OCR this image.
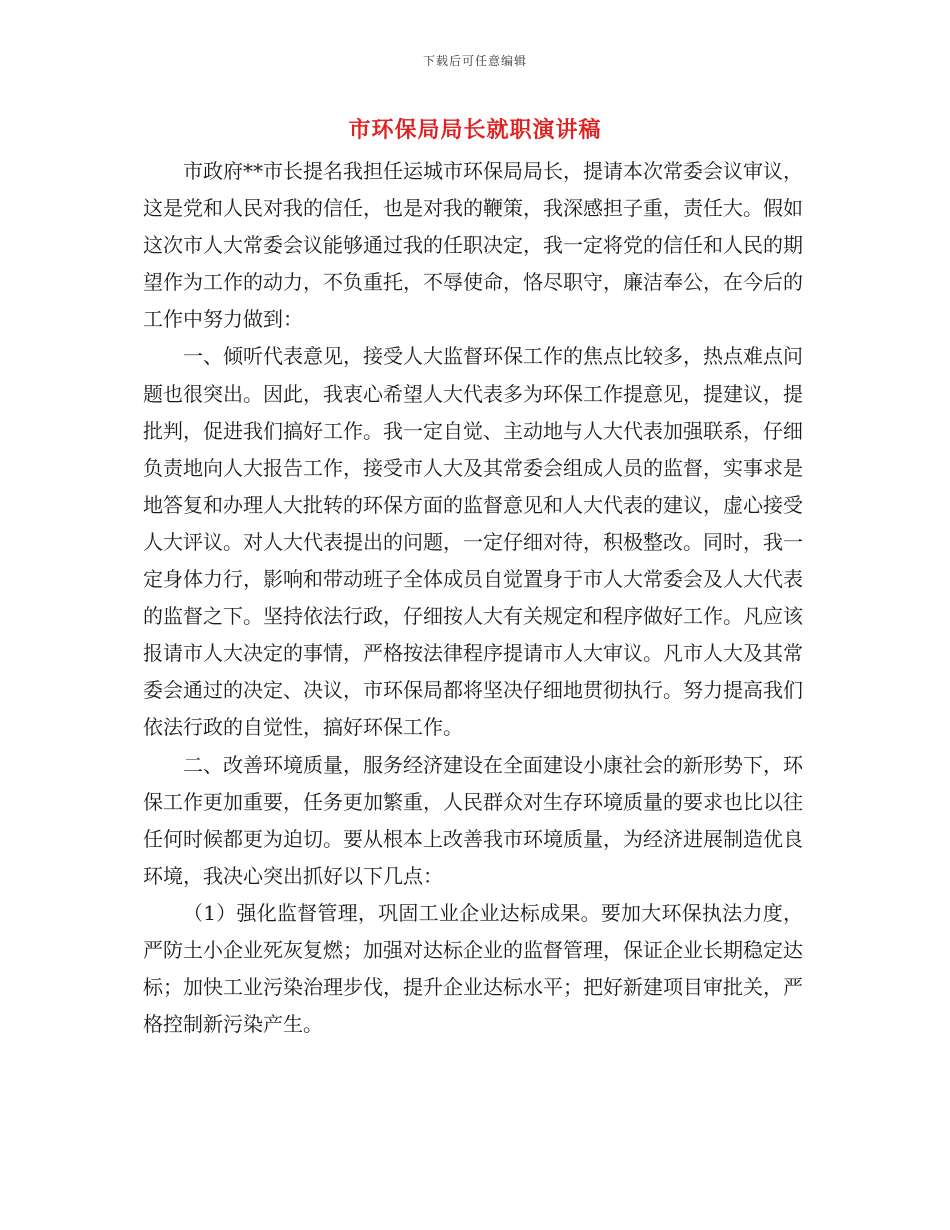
下载后可任意编辑
市环保局局长就职演讲稿

市政府**市长提名我担任运城市环保局局长，提请本次常委会议审议，这是党和人民对我的信任，也是对我的鞭策，我深感担子重，责任大。假如这次市人大常委会议能够通过我的任职决定，我一定将党的信任和人民的期望作为工作的动力，不负重托，不辱使命，恪尽职守，廉洁奉公，在今后的工作中努力做到：

一、倾听代表意见，接受人大监督环保工作的焦点比较多，热点难点问题也很突出。因此，我衷心希望人大代表多为环保工作提意见，提建议，提批判，促进我们搞好工作。我一定自觉、主动地与人大代表加强联系，仔细负责地向人大报告工作，接受市人大及其常委会组成人员的监督，实事求是地答复和办理人大批转的环保方面的监督意见和人大代表的建议，虚心接受人大评议。对人大代表提出的问题，一定仔细对待，积极整改。同时，我一定身体力行，影响和带动班子全体成员自觉置身于市人大常委会及人大代表的监督之下。坚持依法行政，仔细按人大有关规定和程序做好工作。凡应该报请市人大决定的事情，严格按法律程序提请市人大审议。凡市人大及其常委会通过的决定、决议，市环保局都将坚决仔细地贯彻执行。努力提高我们依法行政的自觉性，搞好环保工作。

二、改善环境质量，服务经济建设在全面建设小康社会的新形势下，环保工作更加重要，任务更加繁重，人民群众对生存环境质量的要求也比以往任何时候都更为迫切。要从根本上改善我市环境质量，为经济进展制造优良环境，我决心突出抓好以下几点：

（1）强化监督管理，巩固工业企业达标成果。要加大环保执法力度，严防土小企业死灰复燃；加强对达标企业的监督管理，保证企业长期稳定达标；加快工业污染治理步伐，提升企业达标水平；把好新建项目审批关，严格控制新污染产生。
